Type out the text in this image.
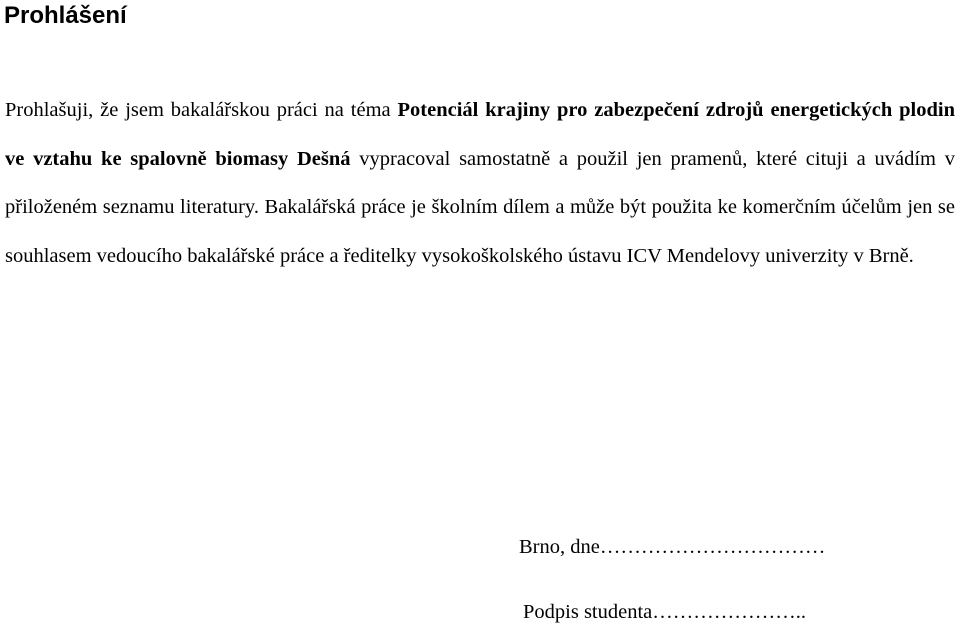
Prohlášení

Prohlašuji, že jsem bakalářskou práci na téma Potenciál krajiny pro zabezpečení zdrojů energetických plodin ve vztahu ke spalovně biomasy Dešná vypracoval samostatně a použil jen pramenů, které cituji a uvádím v přiloženém seznamu literatury. Bakalářská práce je školním dílem a může být použita ke komerčním účelům jen se souhlasem vedoucího bakalářské práce a ředitelky vysokoškolského ústavu ICV Mendelovy univerzity v Brně.

Brno, dne……………………………
Podpis studenta…………………..
